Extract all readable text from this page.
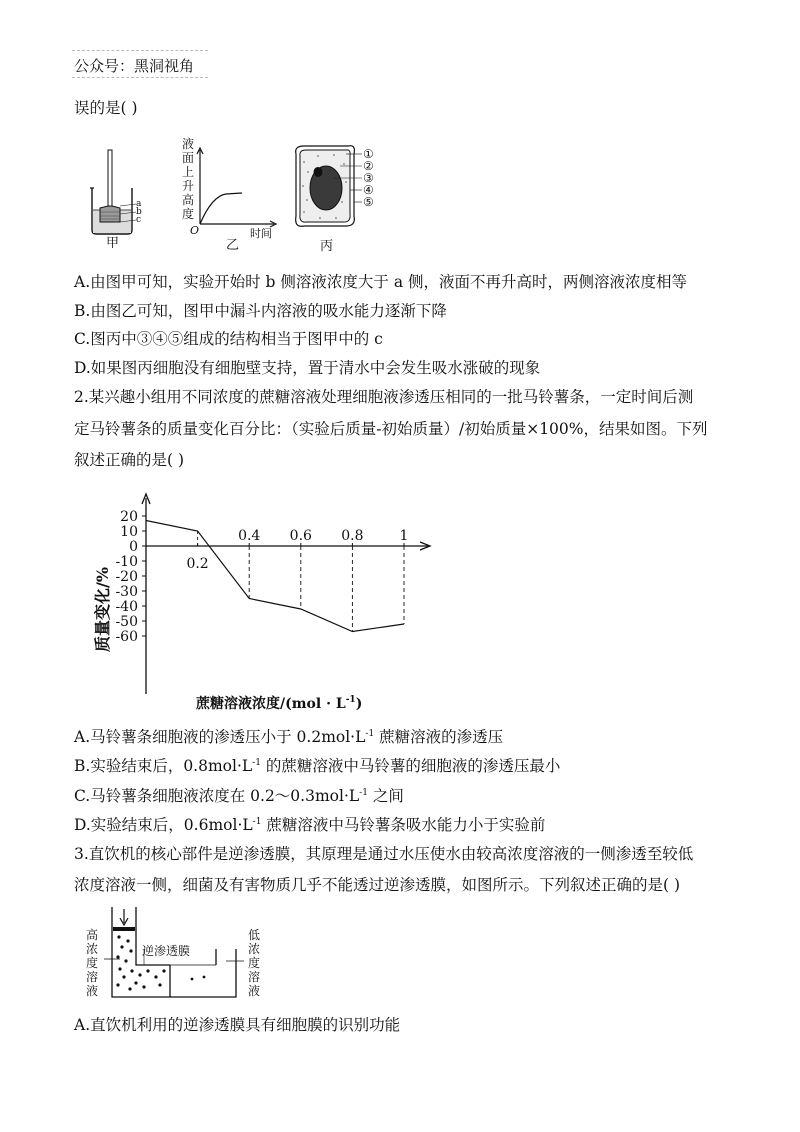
公众号：黑洞视角
误的是( )
a
b
c
甲
液面上升高度
O	时间
乙
①
②
③
④
⑤
丙
A.由图甲可知，实验开始时 b 侧溶液浓度大于 a 侧，液面不再升高时，两侧溶液浓度相等
B.由图乙可知，图甲中漏斗内溶液的吸水能力逐渐下降
C.图丙中③④⑤组成的结构相当于图甲中的 c
D.如果图丙细胞没有细胞壁支持，置于清水中会发生吸水涨破的现象
2.某兴趣小组用不同浓度的蔗糖溶液处理细胞液渗透压相同的一批马铃薯条，一定时间后测
定马铃薯条的质量变化百分比：（实验后质量-初始质量）/初始质量×100%，结果如图。下列
叙述正确的是( )
20
10
0
-10
-20
-30
-40
-50
-60
0.2
0.4 0.6 0.8	1
质量变化/%
蔗糖溶液浓度$/(mol \cdot L^{-1})$
A.马铃薯条细胞液的渗透压小于 $0.2mol\cdot L^{-1}$ 蔗糖溶液的渗透压
B.实验结束后，$0.8mol\cdot L^{-1}$ 的蔗糖溶液中马铃薯的细胞液的渗透压最小
C.马铃薯条细胞液浓度在 $0.2\sim 0.3mol\cdot L^{-1}$ 之间
D.实验结束后，$0.6mol\cdot L^{-1}$ 蔗糖溶液中马铃薯条吸水能力小于实验前
3.直饮机的核心部件是逆渗透膜，其原理是通过水压使水由较高浓度溶液的一侧渗透至较低
浓度溶液一侧，细菌及有害物质几乎不能透过逆渗透膜，如图所示。下列叙述正确的是( )
高
浓
度
溶
液
低
浓
度
溶
液
逆渗透膜
A.直饮机利用的逆渗透膜具有细胞膜的识别功能
